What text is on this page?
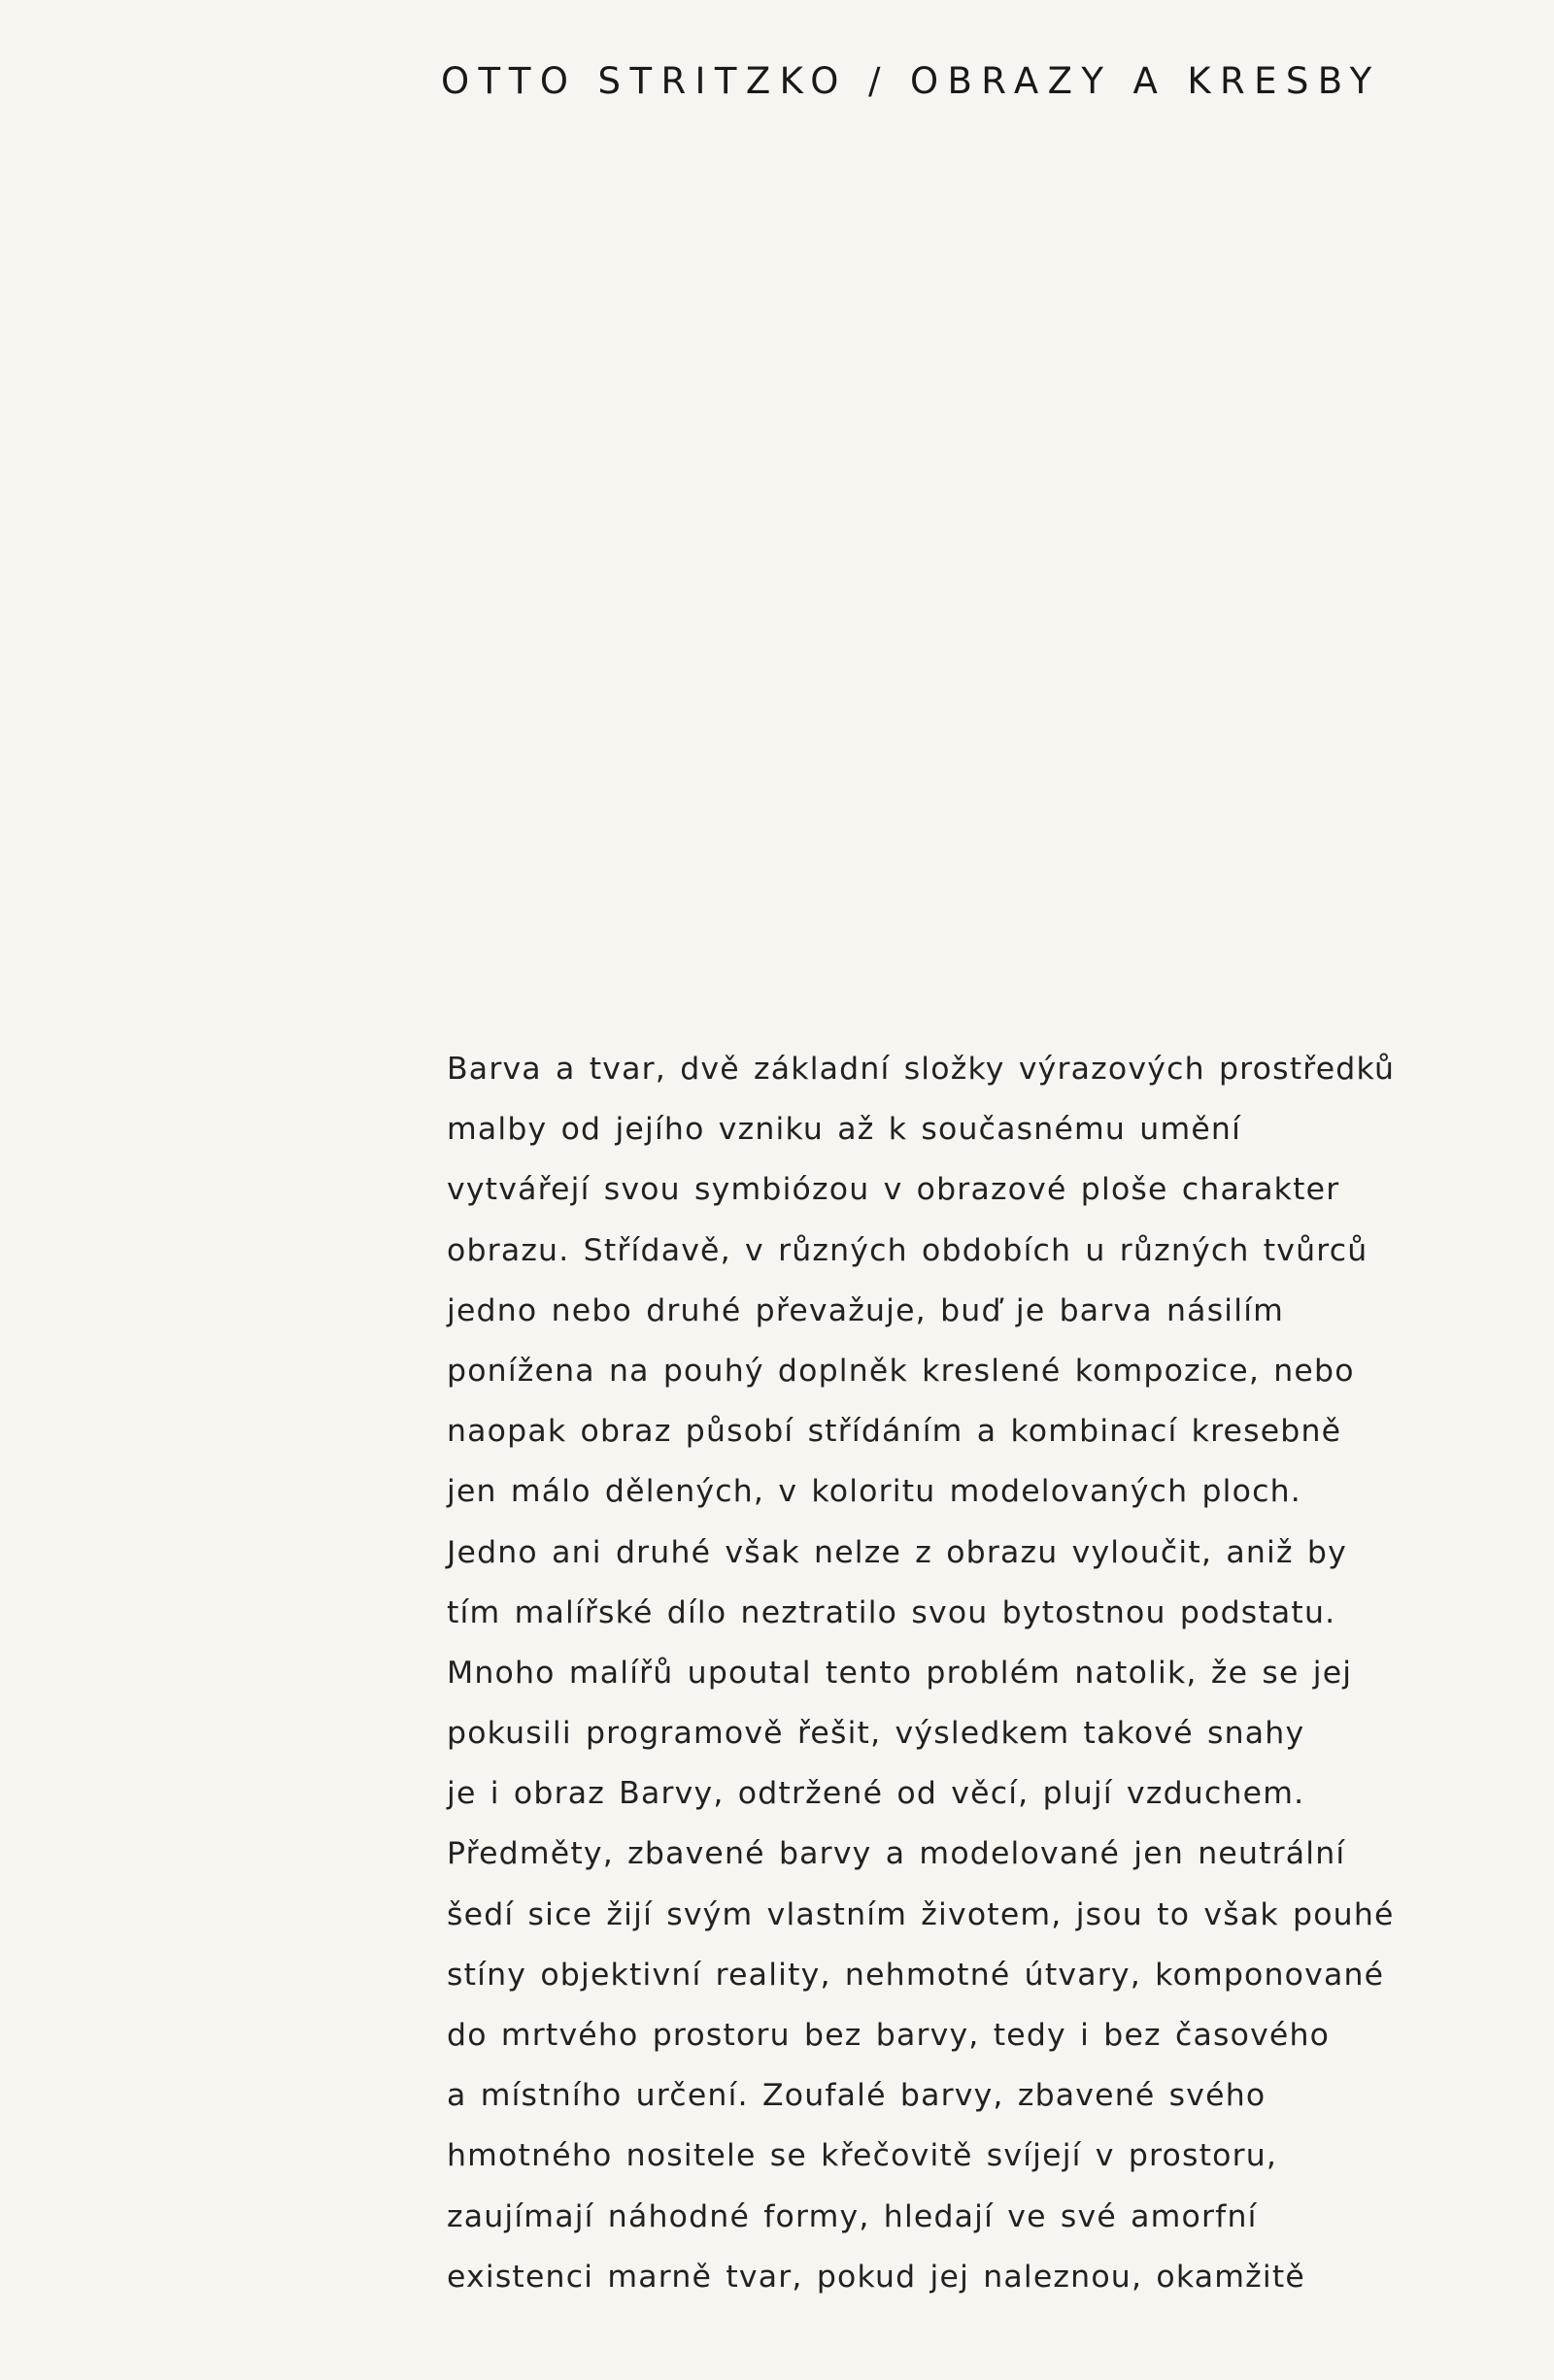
OTTO STRITZKO / OBRAZY A KRESBY
Barva a tvar, dvě základní složky výrazových prostředků
malby od jejího vzniku až k současnému umění
vytvářejí svou symbiózou v obrazové ploše charakter
obrazu. Střídavě, v různých obdobích u různých tvůrců
jedno nebo druhé převažuje, buď je barva násilím
ponížena na pouhý doplněk kreslené kompozice, nebo
naopak obraz působí střídáním a kombinací kresebně
jen málo dělených, v koloritu modelovaných ploch.
Jedno ani druhé však nelze z obrazu vyloučit, aniž by
tím malířské dílo neztratilo svou bytostnou podstatu.
Mnoho malířů upoutal tento problém natolik, že se jej
pokusili programově řešit, výsledkem takové snahy
je i obraz Barvy, odtržené od věcí, plují vzduchem.
Předměty, zbavené barvy a modelované jen neutrální
šedí sice žijí svým vlastním životem, jsou to však pouhé
stíny objektivní reality, nehmotné útvary, komponované
do mrtvého prostoru bez barvy, tedy i bez časového
a místního určení. Zoufalé barvy, zbavené svého
hmotného nositele se křečovitě svíjejí v prostoru,
zaujímají náhodné formy, hledají ve své amorfní
existenci marně tvar, pokud jej naleznou, okamžitě
